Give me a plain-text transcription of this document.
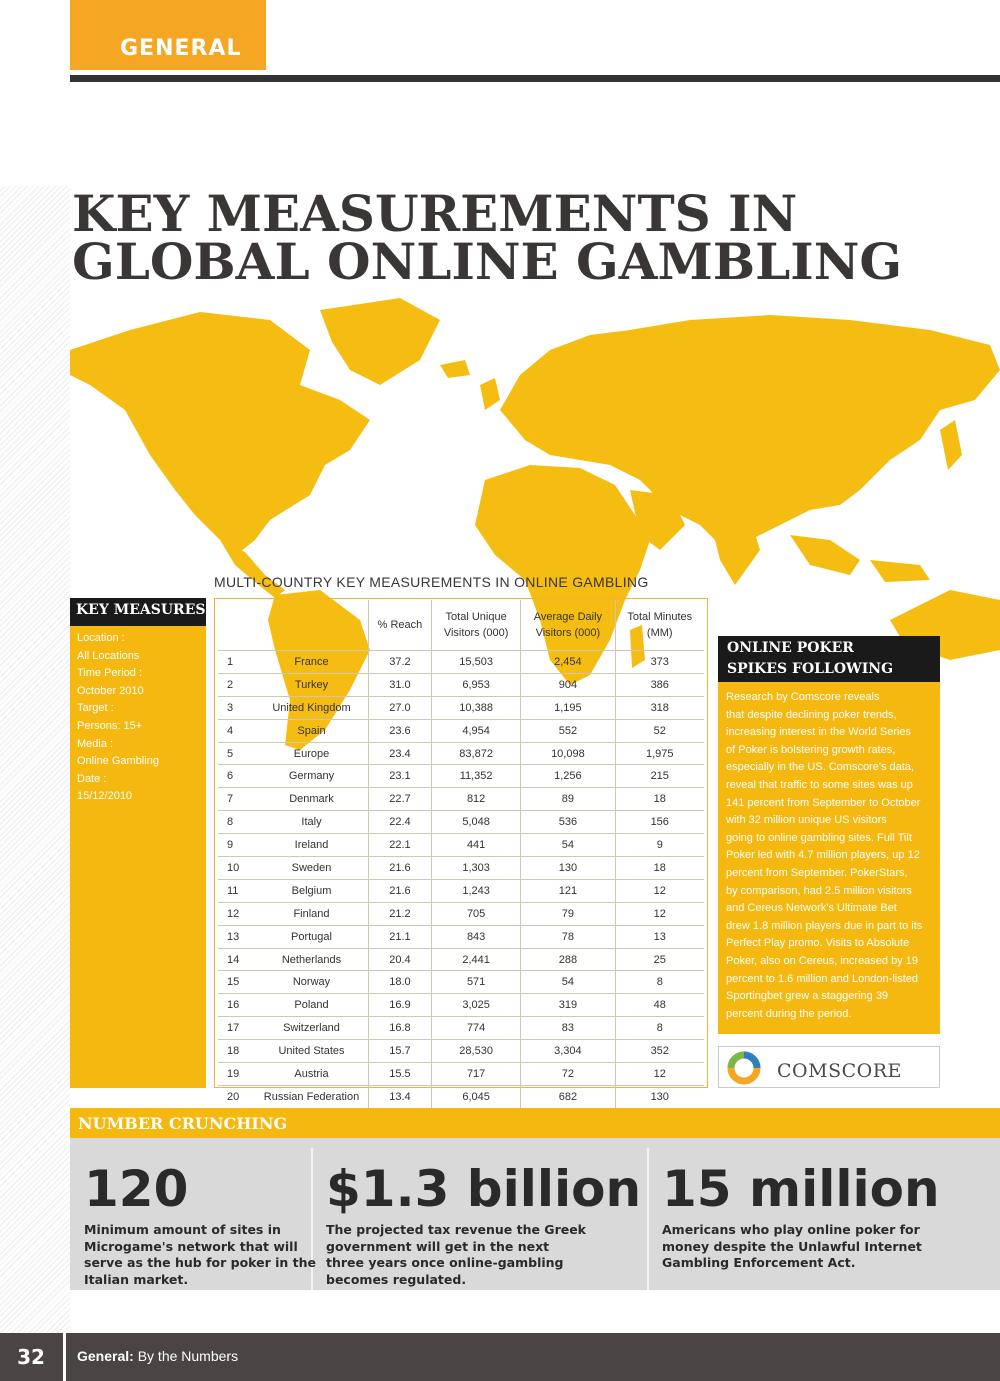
GENERAL
KEY MEASUREMENTS IN
GLOBAL ONLINE GAMBLING
MULTI-COUNTRY KEY MEASUREMENTS IN ONLINE GAMBLING
KEY MEASURES
Location :
All Locations
Time Period :
October 2010
Target :
Persons: 15+
Media :
Online Gambling
Date :
15/12/2010
		% Reach	Total Unique
Visitors (000)	Average Daily
Visitors (000)	Total Minutes
(MM)
1	France	37.2	15,503	2,454	373
2	Turkey	31.0	6,953	904	386
3	United Kingdom	27.0	10,388	1,195	318
4	Spain	23.6	4,954	552	52
5	Europe	23.4	83,872	10,098	1,975
6	Germany	23.1	11,352	1,256	215
7	Denmark	22.7	812	89	18
8	Italy	22.4	5,048	536	156
9	Ireland	22.1	441	54	9
10	Sweden	21.6	1,303	130	18
11	Belgium	21.6	1,243	121	12
12	Finland	21.2	705	79	12
13	Portugal	21.1	843	78	13
14	Netherlands	20.4	2,441	288	25
15	Norway	18.0	571	54	8
16	Poland	16.9	3,025	319	48
17	Switzerland	16.8	774	83	8
18	United States	15.7	28,530	3,304	352
19	Austria	15.5	717	72	12
20	Russian Federation	13.4	6,045	682	130
ONLINE POKER
SPIKES FOLLOWING
Research by Comscore reveals
that despite declining poker trends,
increasing interest in the World Series
of Poker is bolstering growth rates,
especially in the US. Comscore's data,
reveal that traffic to some sites was up
141 percent from September to October
with 32 million unique US visitors
going to online gambling sites. Full Tilt
Poker led with 4.7 million players, up 12
percent from September. PokerStars,
by comparison, had 2.5 million visitors
and Cereus Network's Ultimate Bet
drew 1.8 million players due in part to its
Perfect Play promo. Visits to Absolute
Poker, also on Cereus, increased by 19
percent to 1.6 million and London-listed
Sportingbet grew a staggering 39
percent during the period.
comscore
NUMBER CRUNCHING
120
Minimum amount of sites in
Microgame's network that will
serve as the hub for poker in the
Italian market.
$1.3 billion
The projected tax revenue the Greek
government will get in the next
three years once online-gambling
becomes regulated.
15 million
Americans who play online poker for
money despite the Unlawful Internet
Gambling Enforcement Act.
32	General: By the Numbers
